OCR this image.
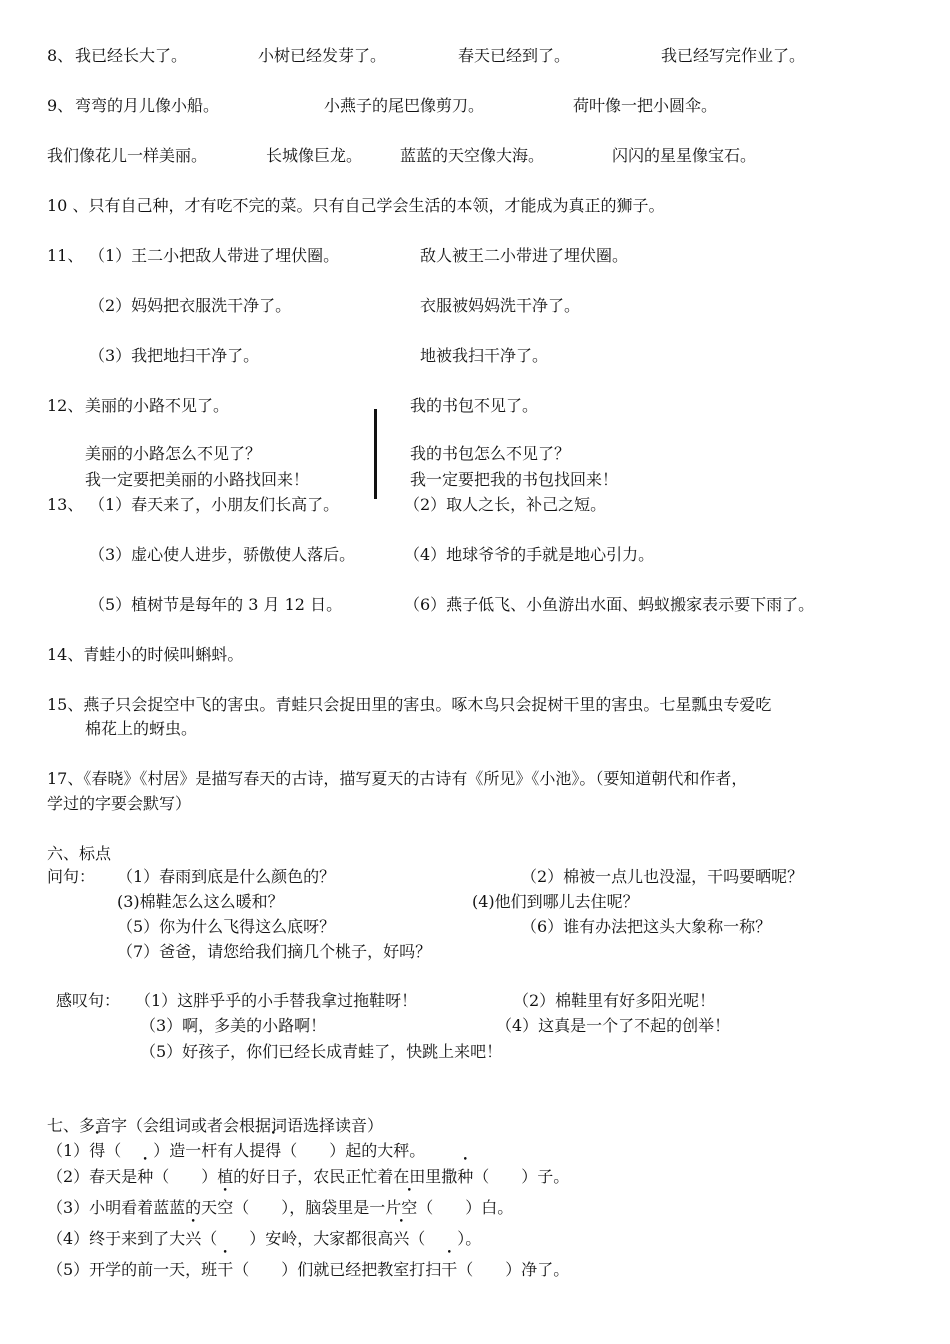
8、 我已经长大了。	小树已经发芽了。	春天已经到了。	我已经写完作业了。
9、 弯弯的月儿像小船。	小燕子的尾巴像剪刀。	荷叶像一把小圆伞。
我们像花儿一样美丽。	长城像巨龙。 蓝蓝的天空像大海。	闪闪的星星像宝石。
10 、只有自己种，才有吃不完的菜。只有自己学会生活的本领，才能成为真正的狮子。
11、 （1）王二小把敌人带进了埋伏圈。	敌人被王二小带进了埋伏圈。
（2）妈妈把衣服洗干净了。	衣服被妈妈洗干净了。
（3）我把地扫干净了。	地被我扫干净了。
12、 美丽的小路不见了。	我的书包不见了。
美丽的小路怎么不见了？	我的书包怎么不见了？
我一定要把美丽的小路找回来！	我一定要把我的书包找回来！
13、 （1）春天来了，小朋友们长高了。	（2）取人之长，补己之短。
（3）虚心使人进步，骄傲使人落后。	（4）地球爷爷的手就是地心引力。
（5）植树节是每年的 3 月 12 日。	（6）燕子低飞、小鱼游出水面、蚂蚁搬家表示要下雨了。
14、青蛙小的时候叫蝌蚪。
15、燕子只会捉空中飞的害虫。青蛙只会捉田里的害虫。啄木鸟只会捉树干里的害虫。七星瓢虫专爱吃
棉花上的蚜虫。
17、《春晓》《村居》是描写春天的古诗，描写夏天的古诗有《所见》《小池》。（要知道朝代和作者，
学过的字要会默写）
六、标点
问句： （1）春雨到底是什么颜色的？	（2）棉被一点儿也没湿，干吗要晒呢？
(3)棉鞋怎么这么暖和？	(4)他们到哪儿去住呢？
（5）你为什么飞得这么底呀？	（6）谁有办法把这头大象称一称？
（7）爸爸，请您给我们摘几个桃子，好吗？
感叹句： （1）这胖乎乎的小手替我拿过拖鞋呀！	（2）棉鞋里有好多阳光呢！
（3）啊，多美的小路啊！	（4）这真是一个了不起的创举！
（5）好孩子，你们已经长成青蛙了，快跳上来吧！
七、多音字（会组词或者会根据词语选择读音）
（1）得（　　）造一杆有人提得（　　）起的大秤。
（2）春天是种（　　）植的好日子，农民正忙着在田里撒种（　　）子。
（3）小明看着蓝蓝的天空（　　），脑袋里是一片空（　　）白。
（4）终于来到了大兴（　　）安岭，大家都很高兴（　　）。
（5）开学的前一天，班干（　　）们就已经把教室打扫干（　　）净了。
